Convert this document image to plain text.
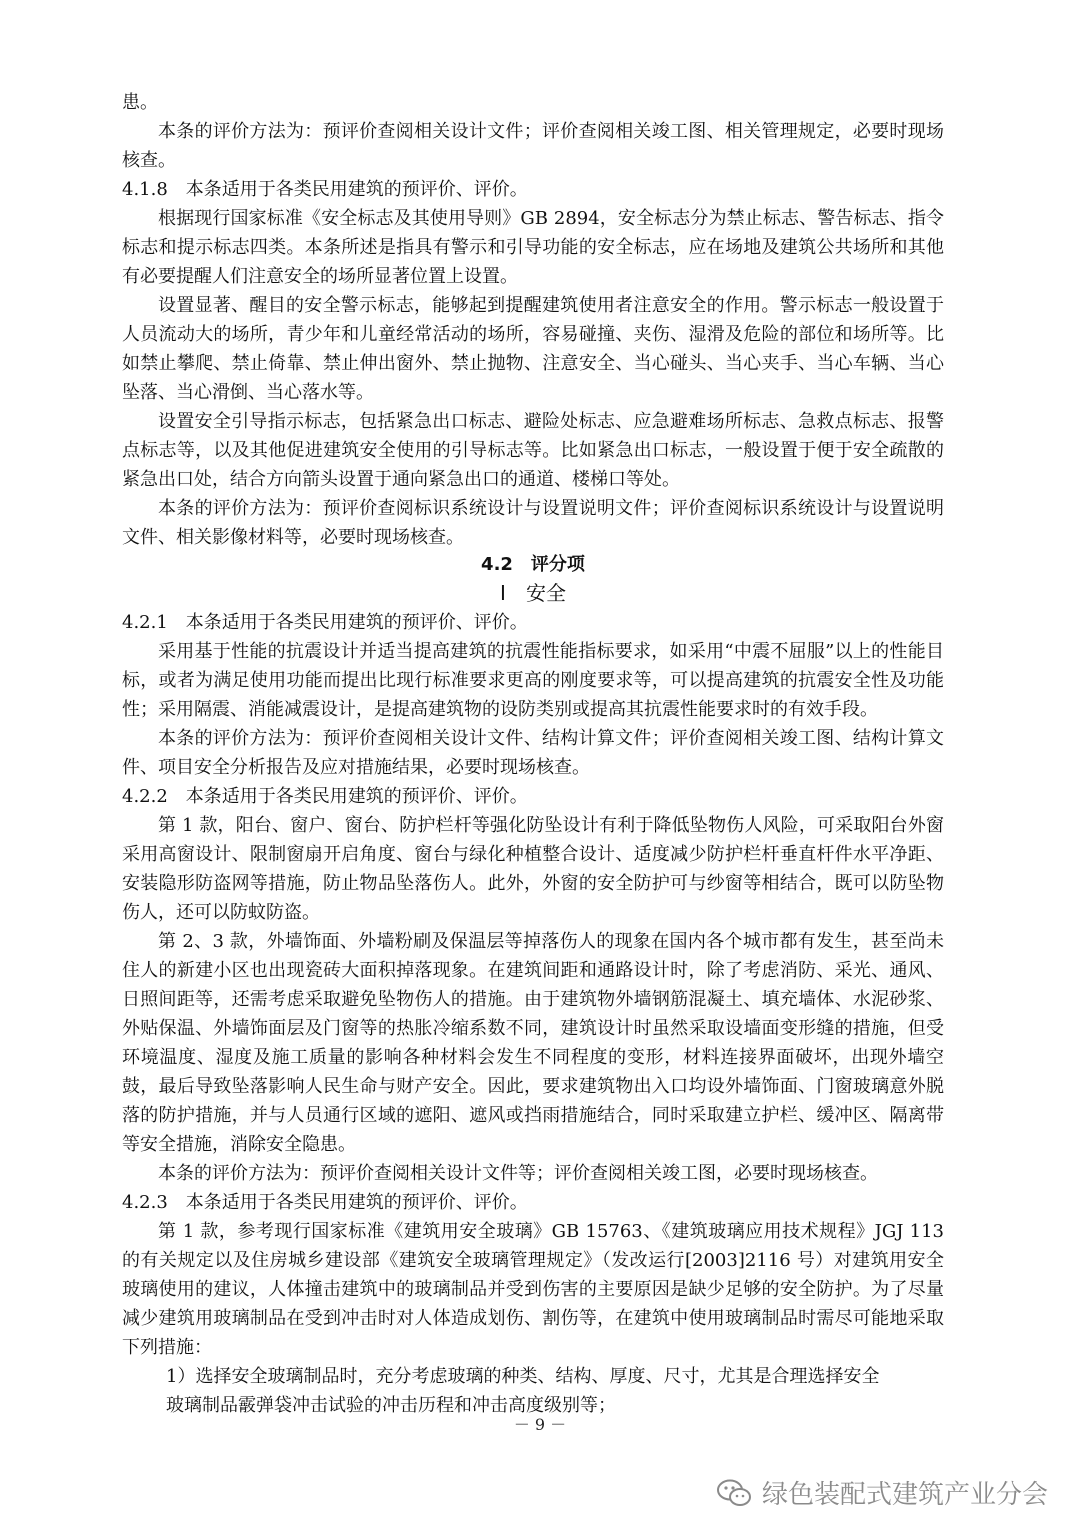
患。

本条的评价方法为：预评价查阅相关设计文件；评价查阅相关竣工图、相关管理规定，必要时现场核查。

4.1.8　本条适用于各类民用建筑的预评价、评价。

根据现行国家标准《安全标志及其使用导则》GB 2894，安全标志分为禁止标志、警告标志、指令标志和提示标志四类。本条所述是指具有警示和引导功能的安全标志，应在场地及建筑公共场所和其他有必要提醒人们注意安全的场所显著位置上设置。

设置显著、醒目的安全警示标志，能够起到提醒建筑使用者注意安全的作用。警示标志一般设置于人员流动大的场所，青少年和儿童经常活动的场所，容易碰撞、夹伤、湿滑及危险的部位和场所等。比如禁止攀爬、禁止倚靠、禁止伸出窗外、禁止抛物、注意安全、当心碰头、当心夹手、当心车辆、当心坠落、当心滑倒、当心落水等。

设置安全引导指示标志，包括紧急出口标志、避险处标志、应急避难场所标志、急救点标志、报警点标志等，以及其他促进建筑安全使用的引导标志等。比如紧急出口标志，一般设置于便于安全疏散的紧急出口处，结合方向箭头设置于通向紧急出口的通道、楼梯口等处。

本条的评价方法为：预评价查阅标识系统设计与设置说明文件；评价查阅标识系统设计与设置说明文件、相关影像材料等，必要时现场核查。

4.2　评分项

Ⅰ　安全

4.2.1　本条适用于各类民用建筑的预评价、评价。

采用基于性能的抗震设计并适当提高建筑的抗震性能指标要求，如采用“中震不屈服”以上的性能目标，或者为满足使用功能而提出比现行标准要求更高的刚度要求等，可以提高建筑的抗震安全性及功能性；采用隔震、消能减震设计，是提高建筑物的设防类别或提高其抗震性能要求时的有效手段。

本条的评价方法为：预评价查阅相关设计文件、结构计算文件；评价查阅相关竣工图、结构计算文件、项目安全分析报告及应对措施结果，必要时现场核查。

4.2.2　本条适用于各类民用建筑的预评价、评价。

第 1 款，阳台、窗户、窗台、防护栏杆等强化防坠设计有利于降低坠物伤人风险，可采取阳台外窗采用高窗设计、限制窗扇开启角度、窗台与绿化种植整合设计、适度减少防护栏杆垂直杆件水平净距、安装隐形防盗网等措施，防止物品坠落伤人。此外，外窗的安全防护可与纱窗等相结合，既可以防坠物伤人，还可以防蚊防盗。

第 2、3 款，外墙饰面、外墙粉刷及保温层等掉落伤人的现象在国内各个城市都有发生，甚至尚未住人的新建小区也出现瓷砖大面积掉落现象。在建筑间距和通路设计时，除了考虑消防、采光、通风、日照间距等，还需考虑采取避免坠物伤人的措施。由于建筑物外墙钢筋混凝土、填充墙体、水泥砂浆、外贴保温、外墙饰面层及门窗等的热胀冷缩系数不同，建筑设计时虽然采取设墙面变形缝的措施，但受环境温度、湿度及施工质量的影响各种材料会发生不同程度的变形，材料连接界面破坏，出现外墙空鼓，最后导致坠落影响人民生命与财产安全。因此，要求建筑物出入口均设外墙饰面、门窗玻璃意外脱落的防护措施，并与人员通行区域的遮阳、遮风或挡雨措施结合，同时采取建立护栏、缓冲区、隔离带等安全措施，消除安全隐患。

本条的评价方法为：预评价查阅相关设计文件等；评价查阅相关竣工图，必要时现场核查。

4.2.3　本条适用于各类民用建筑的预评价、评价。

第 1 款，参考现行国家标准《建筑用安全玻璃》GB 15763、《建筑玻璃应用技术规程》JGJ 113 的有关规定以及住房城乡建设部《建筑安全玻璃管理规定》（发改运行[2003]2116 号）对建筑用安全玻璃使用的建议，人体撞击建筑中的玻璃制品并受到伤害的主要原因是缺少足够的安全防护。为了尽量减少建筑用玻璃制品在受到冲击时对人体造成划伤、割伤等，在建筑中使用玻璃制品时需尽可能地采取下列措施：

1）选择安全玻璃制品时，充分考虑玻璃的种类、结构、厚度、尺寸，尤其是合理选择安全
玻璃制品霰弹袋冲击试验的冲击历程和冲击高度级别等；

－ 9 －
绿色装配式建筑产业分会
